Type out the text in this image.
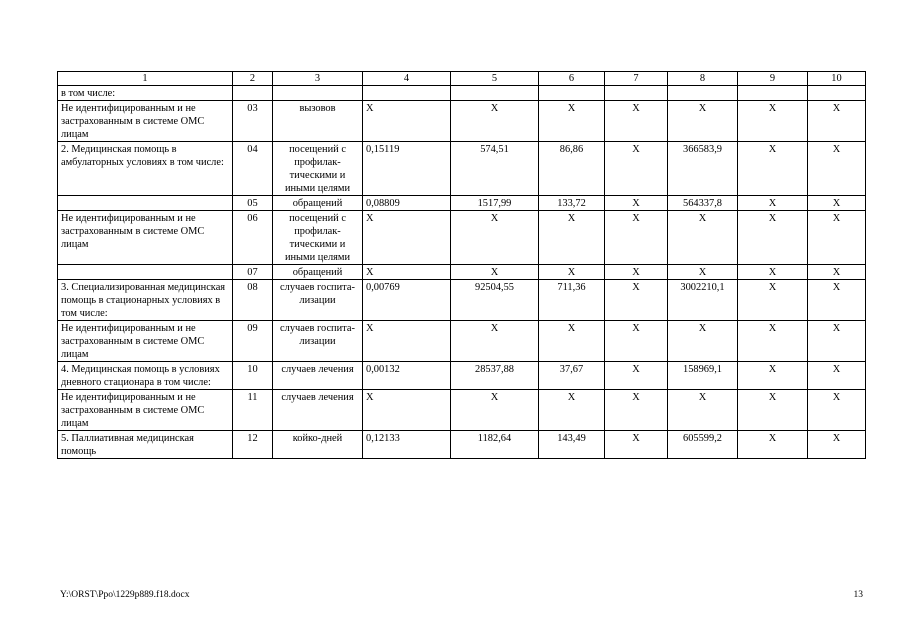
1	2	3	4	5	6	7	8	9	10
в том числе:									
Не идентифицированным и не застрахованным в системе ОМС лицам	03	вызовов	X	X	X	X	X	X	X
2. Медицинская помощь в амбулаторных условиях в том числе:	04	посещений с профилак- тическими и иными целями	0,15119	574,51	86,86	X	366583,9	X	X
	05	обращений	0,08809	1517,99	133,72	X	564337,8	X	X
Не идентифицированным и не застрахованным в системе ОМС лицам	06	посещений с профилак- тическими и иными целями	X	X	X	X	X	X	X
	07	обращений	X	X	X	X	X	X	X
3. Специализированная медицинская помощь в стационарных условиях в том числе:	08	случаев госпита- лизации	0,00769	92504,55	711,36	X	3002210,1	X	X
Не идентифицированным и не застрахованным в системе ОМС лицам	09	случаев госпита- лизации	X	X	X	X	X	X	X
4. Медицинская помощь в условиях дневного стационара в том числе:	10	случаев лечения	0,00132	28537,88	37,67	X	158969,1	X	X
Не идентифицированным и не застрахованным в системе ОМС лицам	11	случаев лечения	X	X	X	X	X	X	X
5. Паллиативная медицинская помощь	12	койко-дней	0,12133	1182,64	143,49	X	605599,2	X	X
Y:\ORST\Ppo\1229p889.f18.docx	13
